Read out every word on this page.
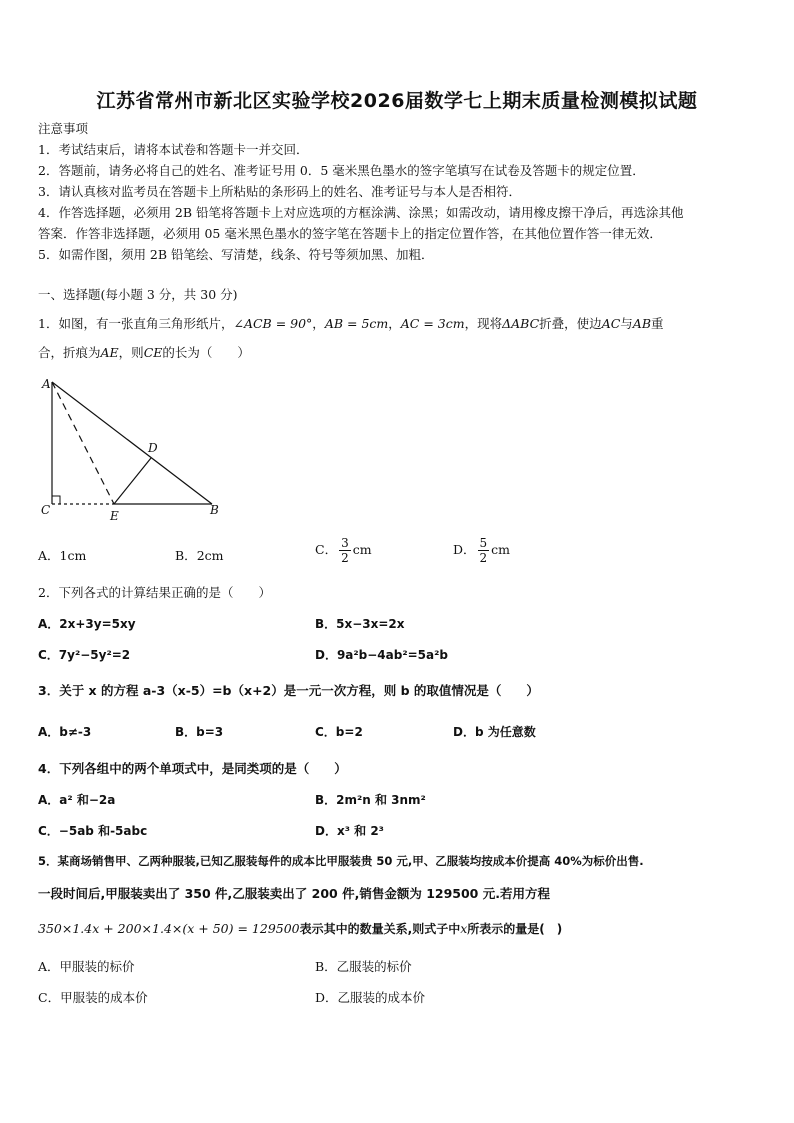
江苏省常州市新北区实验学校2026届数学七上期末质量检测模拟试题
注意事项
1．考试结束后，请将本试卷和答题卡一并交回．
2．答题前，请务必将自己的姓名、准考证号用 0．5 毫米黑色墨水的签字笔填写在试卷及答题卡的规定位置．
3．请认真核对监考员在答题卡上所粘贴的条形码上的姓名、准考证号与本人是否相符．
4．作答选择题，必须用 2B 铅笔将答题卡上对应选项的方框涂满、涂黑；如需改动，请用橡皮擦干净后，再选涂其他
答案．作答非选择题，必须用 05 毫米黑色墨水的签字笔在答题卡上的指定位置作答，在其他位置作答一律无效．
5．如需作图，须用 2B 铅笔绘、写清楚，线条、符号等须加黑、加粗．
一、选择题(每小题 3 分，共 30 分)
1．如图，有一张直角三角形纸片，∠ACB = 90°，AB = 5cm，AC = 3cm，现将ΔABC折叠，使边AC与AB重
合，折痕为AE，则CE的长为（　　）
A
D
C	E	B
A．1cm	B．2cm	C． $\frac{3}{2}$ cm	D． $\frac{5}{2}$ cm
2．下列各式的计算结果正确的是（　　）
A．2x+3y=5xy	B．5x−3x=2x
C．7y²−5y²=2	D．9a²b−4ab²=5a²b
3．关于 x 的方程 a-3（x-5）=b（x+2）是一元一次方程，则 b 的取值情况是（　　）
A．b≠-3	B．b=3	C．b=2	D．b 为任意数
4．下列各组中的两个单项式中，是同类项的是（　　）
A．a² 和−2a	B．2m²n 和 3nm²
C．−5ab 和-5abc	D．x³ 和 2³
5．某商场销售甲、乙两种服装,已知乙服装每件的成本比甲服装贵 50 元,甲、乙服装均按成本价提高 40%为标价出售.
一段时间后,甲服装卖出了 350 件,乙服装卖出了 200 件,销售金额为 129500 元.若用方程
350×1.4x + 200×1.4×(x + 50) = 129500表示其中的数量关系,则式子中x所表示的量是(　)
A．甲服装的标价	B．乙服装的标价
C．甲服装的成本价	D．乙服装的成本价
